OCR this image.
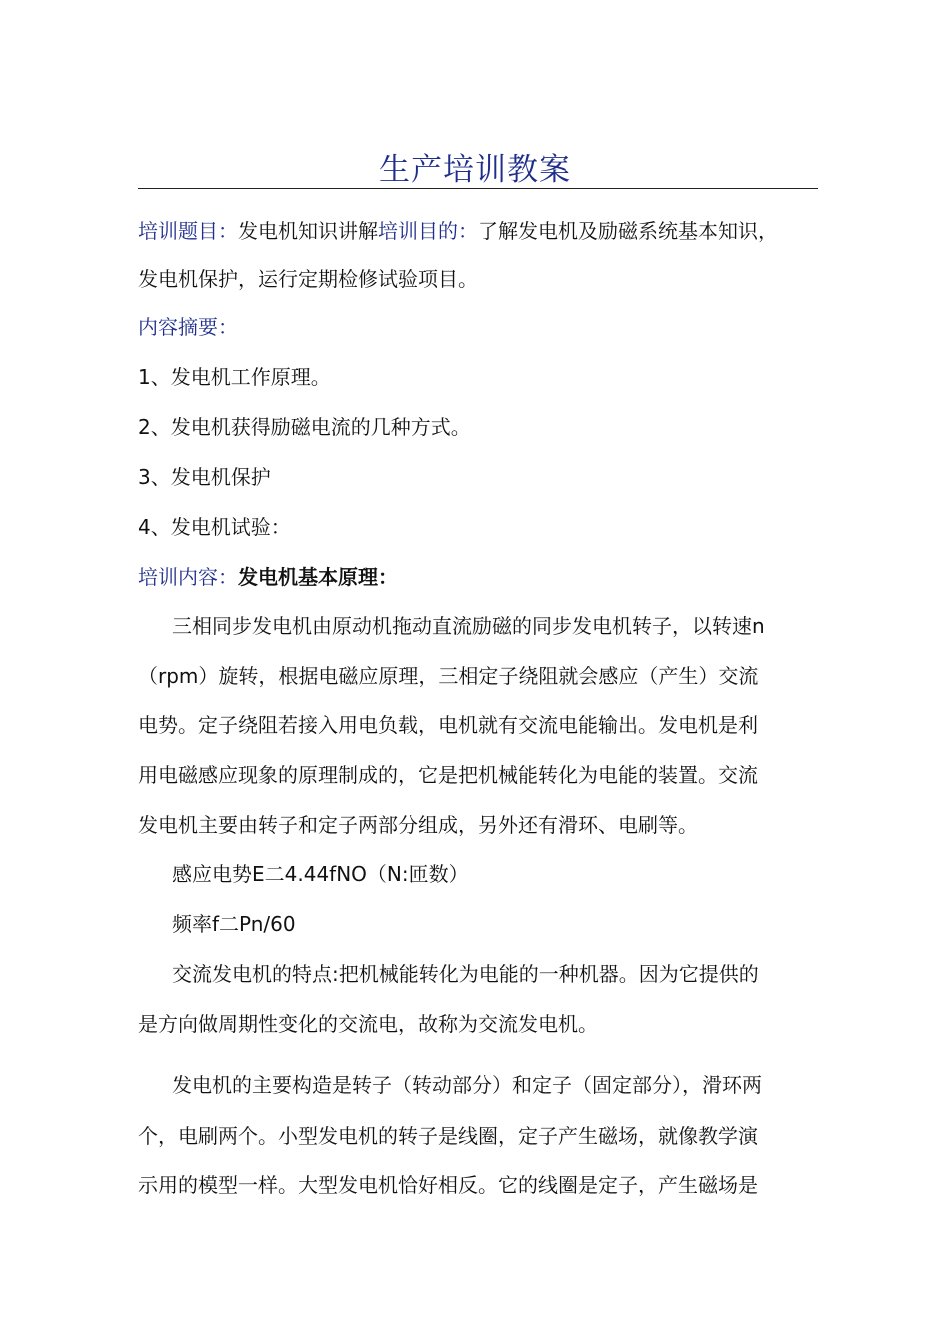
生产培训教案
培训题目：发电机知识讲解培训目的：了解发电机及励磁系统基本知识，
发电机保护，运行定期检修试验项目。
内容摘要：
1、发电机工作原理。
2、发电机获得励磁电流的几种方式。
3、发电机保护
4、发电机试验：
培训内容：发电机基本原理：
三相同步发电机由原动机拖动直流励磁的同步发电机转子，以转速n
（rpm）旋转，根据电磁应原理，三相定子绕阻就会感应（产生）交流
电势。定子绕阻若接入用电负载，电机就有交流电能输出。发电机是利
用电磁感应现象的原理制成的，它是把机械能转化为电能的装置。交流
发电机主要由转子和定子两部分组成，另外还有滑环、电刷等。
感应电势E二4.44fNO（N:匝数）
频率f二Pn/60
交流发电机的特点:把机械能转化为电能的一种机器。因为它提供的
是方向做周期性变化的交流电，故称为交流发电机。
发电机的主要构造是转子（转动部分）和定子（固定部分），滑环两
个，电刷两个。小型发电机的转子是线圈，定子产生磁场，就像教学演
示用的模型一样。大型发电机恰好相反。它的线圈是定子，产生磁场是
